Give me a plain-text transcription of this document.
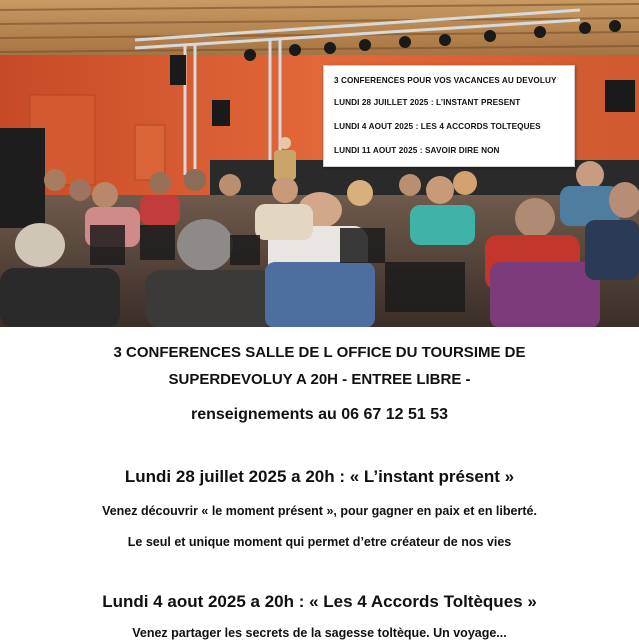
3 CONFERENCES POUR VOS VACANCES AU DEVOLUY
LUNDI 28 JUILLET 2025 : L’INSTANT PRESENT
LUNDI 4 AOUT 2025 : LES 4 ACCORDS TOLTEQUES
LUNDI 11 AOUT 2025 : SAVOIR DIRE NON
3 CONFERENCES SALLE DE L OFFICE DU TOURSIME DE
SUPERDEVOLUY A 20H - ENTREE LIBRE -
renseignements au 06 67 12 51 53
Lundi 28 juillet 2025 a 20h : « L’instant présent »
Venez découvrir « le moment présent », pour gagner en paix et en liberté.
Le seul et unique moment qui permet d’etre créateur de nos vies
Lundi 4 aout 2025 a 20h : « Les 4 Accords Toltèques »
Venez partager les secrets de la sagesse toltèque. Un voyage...
